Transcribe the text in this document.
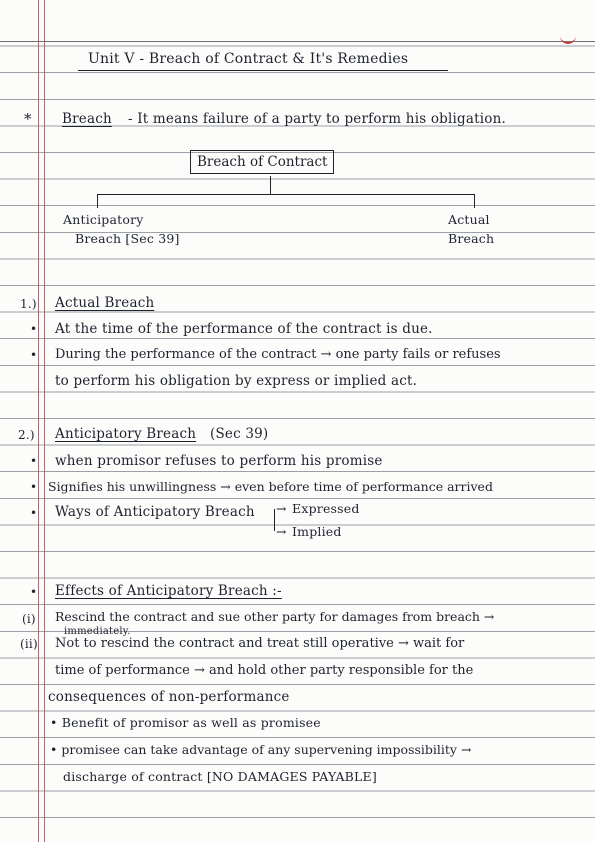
Unit V - Breach of Contract & It's Remedies
* Breach - It means failure of a party to perform his obligation.
Breach of Contract
Anticipatory
Breach [Sec 39]
Actual
Breach
1.) Actual Breach
• At the time of the performance of the contract is due.
• During the performance of the contract → one party fails or refuses
to perform his obligation by express or implied act.
2.) Anticipatory Breach (Sec 39)
• when promisor refuses to perform his promise
• Signifies his unwillingness → even before time of performance arrived
• Ways of Anticipatory Breach → Expressed
→ Implied
• Effects of Anticipatory Breach :-
(i) Rescind the contract and sue other party for damages from breach →
immediately.
(ii) Not to rescind the contract and treat still operative → wait for
time of performance → and hold other party responsible for the
consequences of non-performance
• Benefit of promisor as well as promisee
• promisee can take advantage of any supervening impossibility →
discharge of contract [NO DAMAGES PAYABLE]
